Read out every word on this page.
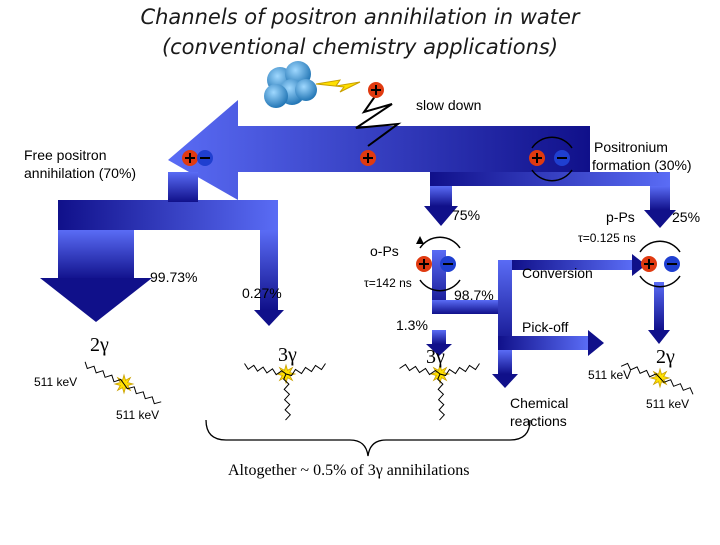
Channels of positron annihilation in water
(conventional chemistry applications)
slow down
Free positron
annihilation (70%)
Positronium
formation (30%)
75%	p-Ps	25%
τ=0.125 ns
o-Ps
τ=142 ns
99.73%
0.27%	98.7%
1.3%
Conversion
Pick-off
2γ	3γ	3γ	2γ
511 keV
511 keV
511 keV
511 keV
Chemical
reactions
Altogether ~ 0.5% of 3γ annihilations
